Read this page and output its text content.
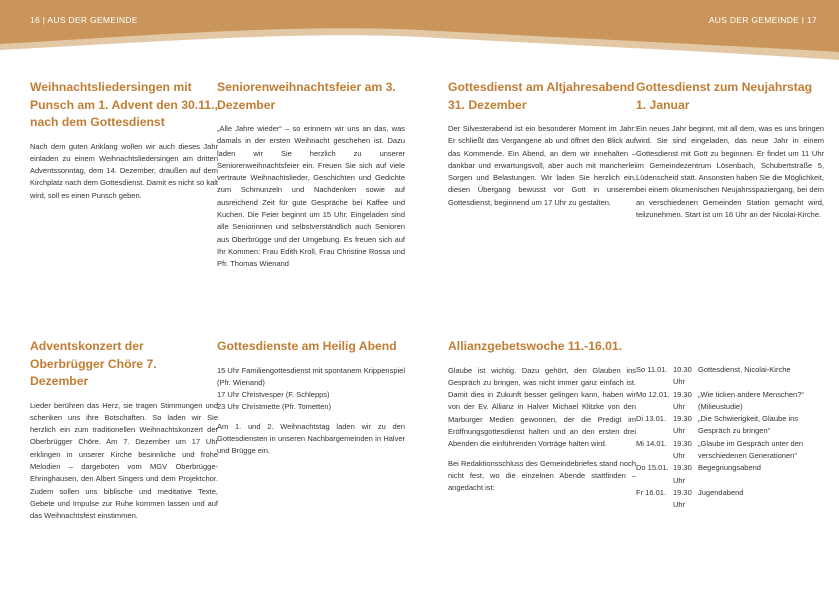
16 | AUS DER GEMEINDE	AUS DER GEMEINDE | 17
Weihnachtsliedersingen mit Punsch am 1. Advent den 30.11., nach dem Gottesdienst

Nach dem guten Anklang wollen wir auch dieses Jahr einladen zu einem Weihnachtsliedersingen am dritten Adventssonntag, dem 14. Dezember, draußen auf dem Kirchplatz nach dem Gottesdienst. Damit es nicht so kalt wird, soll es einen Punsch geben.

Seniorenweihnachtsfeier am 3. Dezember

„Alle Jahre wieder“ – so erinnern wir uns an das, was damals in der ersten Weihnacht geschehen ist. Dazu laden wir Sie herzlich zu unserer Seniorenweihnachtsfeier ein. Freuen Sie sich auf viele vertraute Weihnachtslieder, Geschichten und Gedichte zum Schmunzeln und Nachdenken sowie auf ausreichend Zeit für gute Gespräche bei Kaffee und Kuchen. Die Feier beginnt um 15 Uhr. Eingeladen sind alle Seniorinnen und selbstverständlich auch Senioren aus Oberbrügge und der Umgebung. Es freuen sich auf Ihr Kommen: Frau Edith Kroll, Frau Christine Rossa und Pfr. Thomas Wienand

Gottesdienst am Altjahresabend 31. Dezember

Der Silvesterabend ist ein besonderer Moment im Jahr: Er schließt das Vergangene ab und öffnet den Blick auf das Kommende. Ein Abend, an dem wir innehalten – dankbar und erwartungsvoll, aber auch mit mancherlei Sorgen und Belastungen. Wir laden Sie herzlich ein, diesen Übergang bewusst vor Gott in unserem Gottesdienst, beginnend um 17 Uhr zu gestalten.

Gottesdienst zum Neujahrstag 1. Januar

Ein neues Jahr beginnt, mit all dem, was es uns bringen wird. Sie sind eingeladen, das neue Jahr in einem Gottesdienst mit Gott zu beginnen. Er findet um 11 Uhr im Gemeindezentrum Lösenbach, Schubertstraße 5, Lüdenscheid statt. Ansonsten haben Sie die Möglichkeit, bei einem ökumenischen Neujahrsspaziergang, bei dem an verschiedenen Gemeinden Station gemacht wird, teilzunehmen. Start ist um 16 Uhr an der Nicolai-Kirche.

Adventskonzert der Oberbrügger Chöre 7. Dezember

Lieder berühren das Herz, sie tragen Stimmungen und schenken uns ihre Botschaften. So laden wir Sie herzlich ein zum traditionellen Weihnachtskonzert der Oberbrügger Chöre. Am 7. Dezember um 17 Uhr erklingen in unserer Kirche besinnliche und frohe Melodien – dargeboten vom MGV Oberbrügge-Ehringhausen, den Albert Singers und dem Projektchor. Zudem sollen uns biblische und meditative Texte, Gebete und Impulse zur Ruhe kommen lassen und auf das Weihnachtsfest einstimmen.

Gottesdienste am Heilig Abend
15 Uhr Familiengottesdienst mit spontanem Krippenspiel (Pfr. Wienand)
17 Uhr Christvesper (F. Schlepps)
23 Uhr Christmette (Pfr. Tometten)

Am 1. und 2. Weihnachtstag laden wir zu den Gottesdiensten in unseren Nachbargemeinden in Halver und Brügge ein.

Allianzgebetswoche 11.-16.01.

Glaube ist wichtig. Dazu gehört, den Glauben ins Gespräch zu bringen, was nicht immer ganz einfach ist. Damit dies in Zukunft besser gelingen kann, haben wir von der Ev. Allianz in Halver Michael Klitzke von den Marburger Medien gewonnen, der die Predigt im Eröffnungsgottesdienst halten und an den ersten drei Abenden die einführenden Vorträge halten wird.

Bei Redaktionsschluss des Gemeindebriefes stand noch nicht fest, wo die einzelnen Abende stattfinden – angedacht ist:

So 11.01. 10.30 Uhr
Gottesdienst, Nicolai-Kirche
Mo 12.01. 19.30 Uhr
„Wie ticken andere Menschen?“ (Milieustudie)
Di 13.01. 19.30 Uhr
„Die Schwierigkeit, Glaube ins Gespräch zu bringen“
Mi 14.01. 19.30 Uhr
„Glaube im Gespräch unter den verschiedenen Generationen“
Do 15.01. 19.30 Uhr
Begegnungsabend
Fr 16.01. 19.30 Uhr
Jugendabend
